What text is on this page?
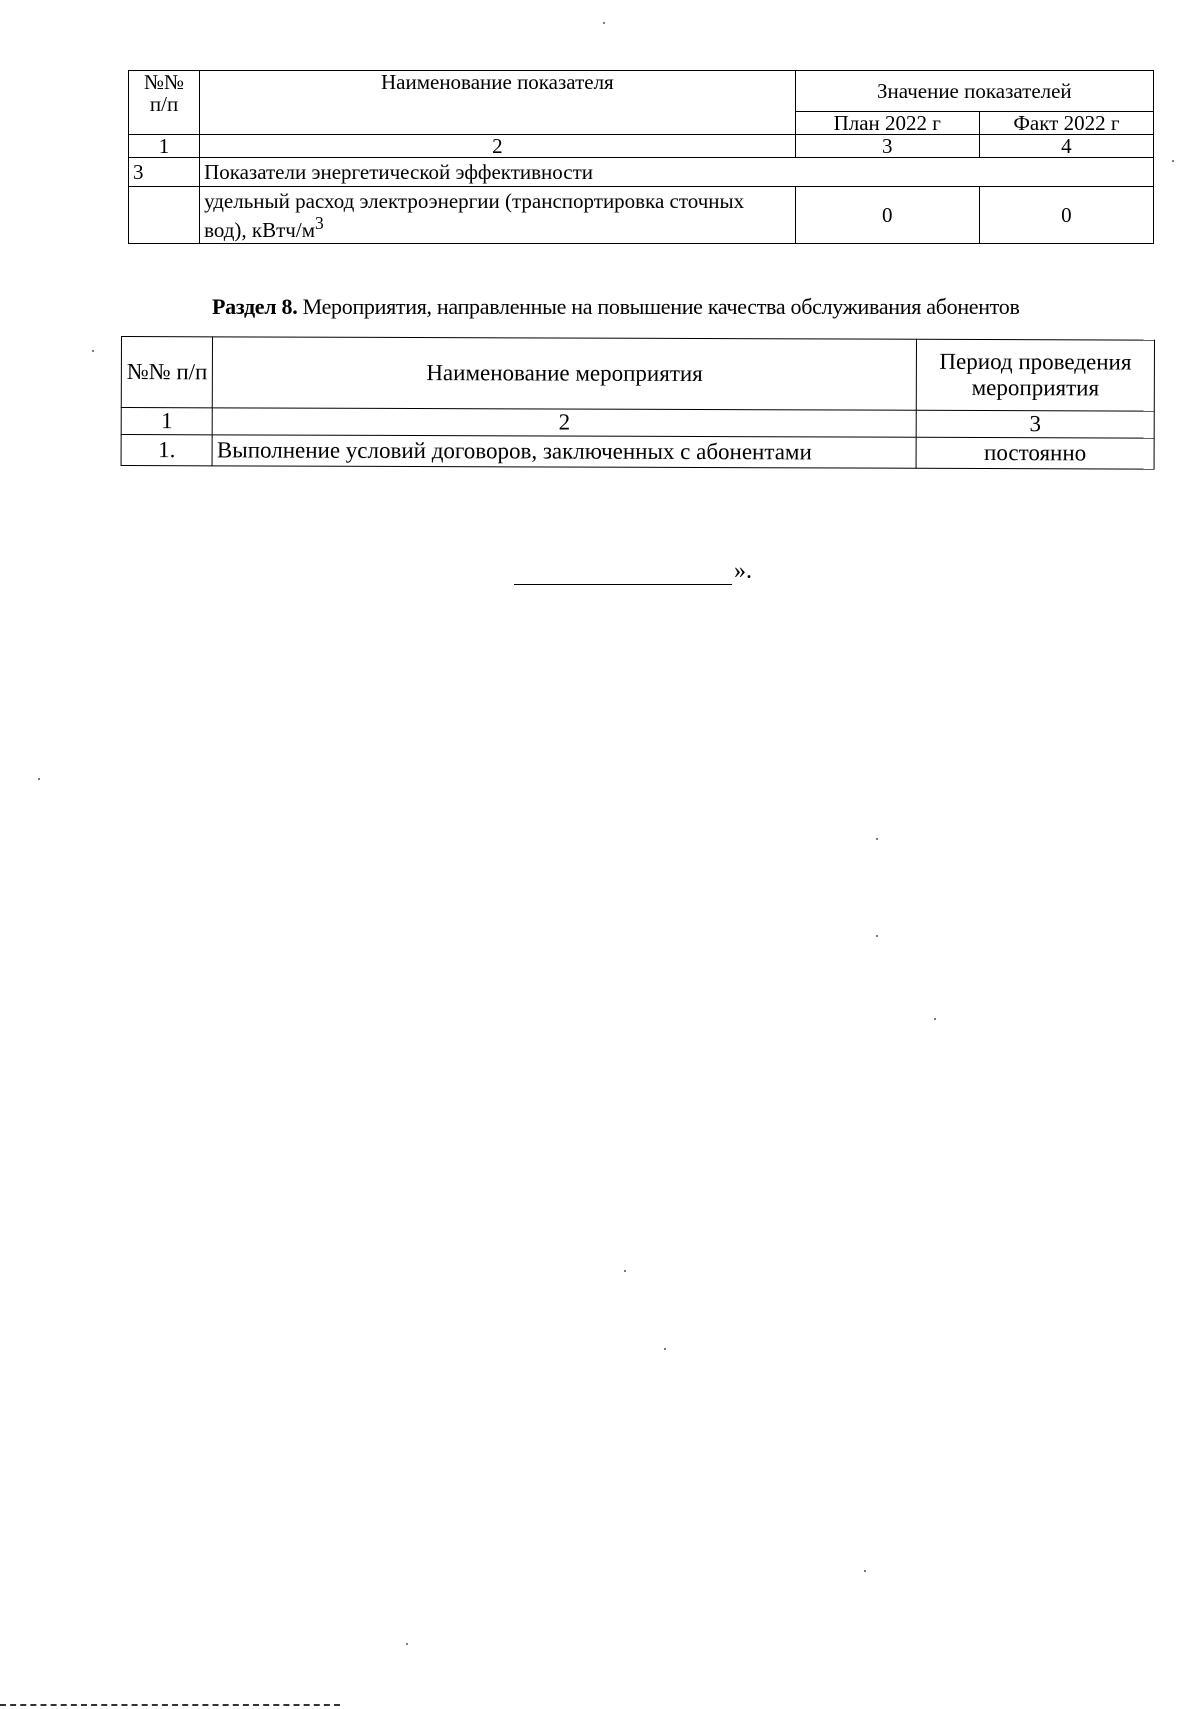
№№ п/п	Наименование показателя	Значение показателей	
		План 2022 г	Факт 2022 г
1	2	3	4
3	Показатели энергетической эффективности		
	удельный расход электроэнергии (транспортировка сточных вод), кВтч/$м^3$	0	0
Раздел 8. Мероприятия, направленные на повышение качества обслуживания абонентов
№№ п/п	Наименование мероприятия	Период проведения мероприятия
1	2	3
1.	Выполнение условий договоров, заключенных с абонентами	постоянно
».
